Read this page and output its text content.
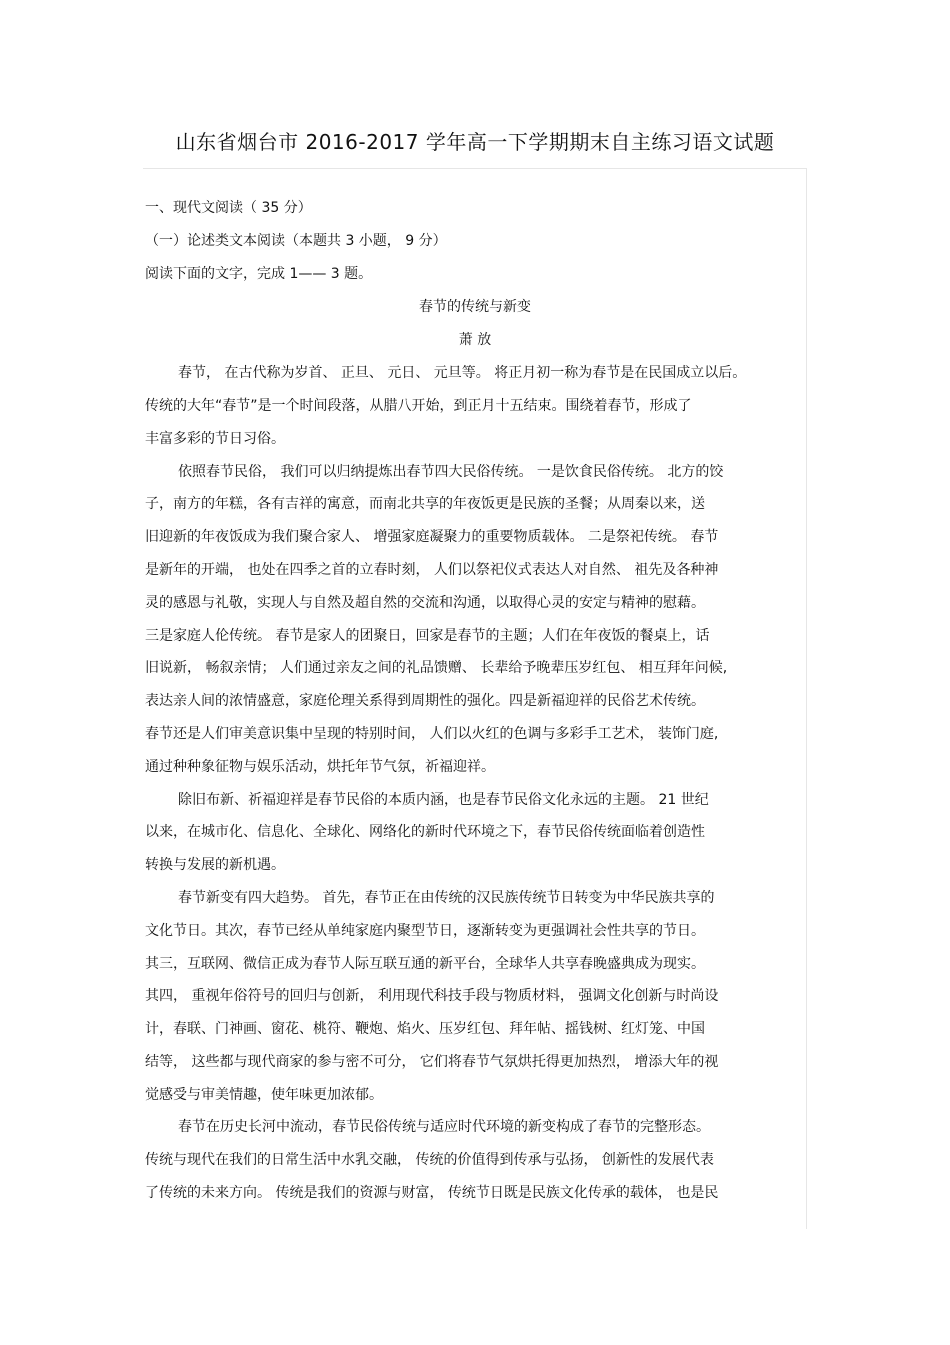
山东省烟台市 2016-2017 学年高一下学期期末自主练习语文试题
一、现代文阅读（ 35 分）
（一）论述类文本阅读（本题共 3 小题， 9 分）
阅读下面的文字，完成 1—— 3 题。
春节的传统与新变
萧 放
春节， 在古代称为岁首、 正旦、 元日、 元旦等。 将正月初一称为春节是在民国成立以后。
传统的大年“春节”是一个时间段落，从腊八开始，到正月十五结束。围绕着春节，形成了
丰富多彩的节日习俗。
依照春节民俗， 我们可以归纳提炼出春节四大民俗传统。 一是饮食民俗传统。 北方的饺
子，南方的年糕，各有吉祥的寓意，而南北共享的年夜饭更是民族的圣餐；从周秦以来，送
旧迎新的年夜饭成为我们聚合家人、 增强家庭凝聚力的重要物质载体。 二是祭祀传统。 春节
是新年的开端， 也处在四季之首的立春时刻， 人们以祭祀仪式表达人对自然、 祖先及各种神
灵的感恩与礼敬，实现人与自然及超自然的交流和沟通，以取得心灵的安定与精神的慰藉。
三是家庭人伦传统。 春节是家人的团聚日，回家是春节的主题；人们在年夜饭的餐桌上，话
旧说新， 畅叙亲情； 人们通过亲友之间的礼品馈赠、 长辈给予晚辈压岁红包、 相互拜年问候,
表达亲人间的浓情盛意，家庭伦理关系得到周期性的强化。四是新福迎祥的民俗艺术传统。
春节还是人们审美意识集中呈现的特别时间， 人们以火红的色调与多彩手工艺术， 装饰门庭,
通过种种象征物与娱乐活动，烘托年节气氛，祈福迎祥。
除旧布新、祈福迎祥是春节民俗的本质内涵，也是春节民俗文化永远的主题。 21 世纪
以来，在城市化、信息化、全球化、网络化的新时代环境之下，春节民俗传统面临着创造性
转换与发展的新机遇。
春节新变有四大趋势。 首先，春节正在由传统的汉民族传统节日转变为中华民族共享的
文化节日。其次，春节已经从单纯家庭内聚型节日，逐渐转变为更强调社会性共享的节日。
其三，互联网、微信正成为春节人际互联互通的新平台，全球华人共享春晚盛典成为现实。
其四， 重视年俗符号的回归与创新， 利用现代科技手段与物质材料， 强调文化创新与时尚设
计，春联、门神画、窗花、桃符、鞭炮、焰火、压岁红包、拜年帖、摇钱树、红灯笼、中国
结等， 这些都与现代商家的参与密不可分， 它们将春节气氛烘托得更加热烈， 增添大年的视
觉感受与审美情趣，使年味更加浓郁。
春节在历史长河中流动，春节民俗传统与适应时代环境的新变构成了春节的完整形态。
传统与现代在我们的日常生活中水乳交融， 传统的价值得到传承与弘扬， 创新性的发展代表
了传统的未来方向。 传统是我们的资源与财富， 传统节日既是民族文化传承的载体， 也是民
